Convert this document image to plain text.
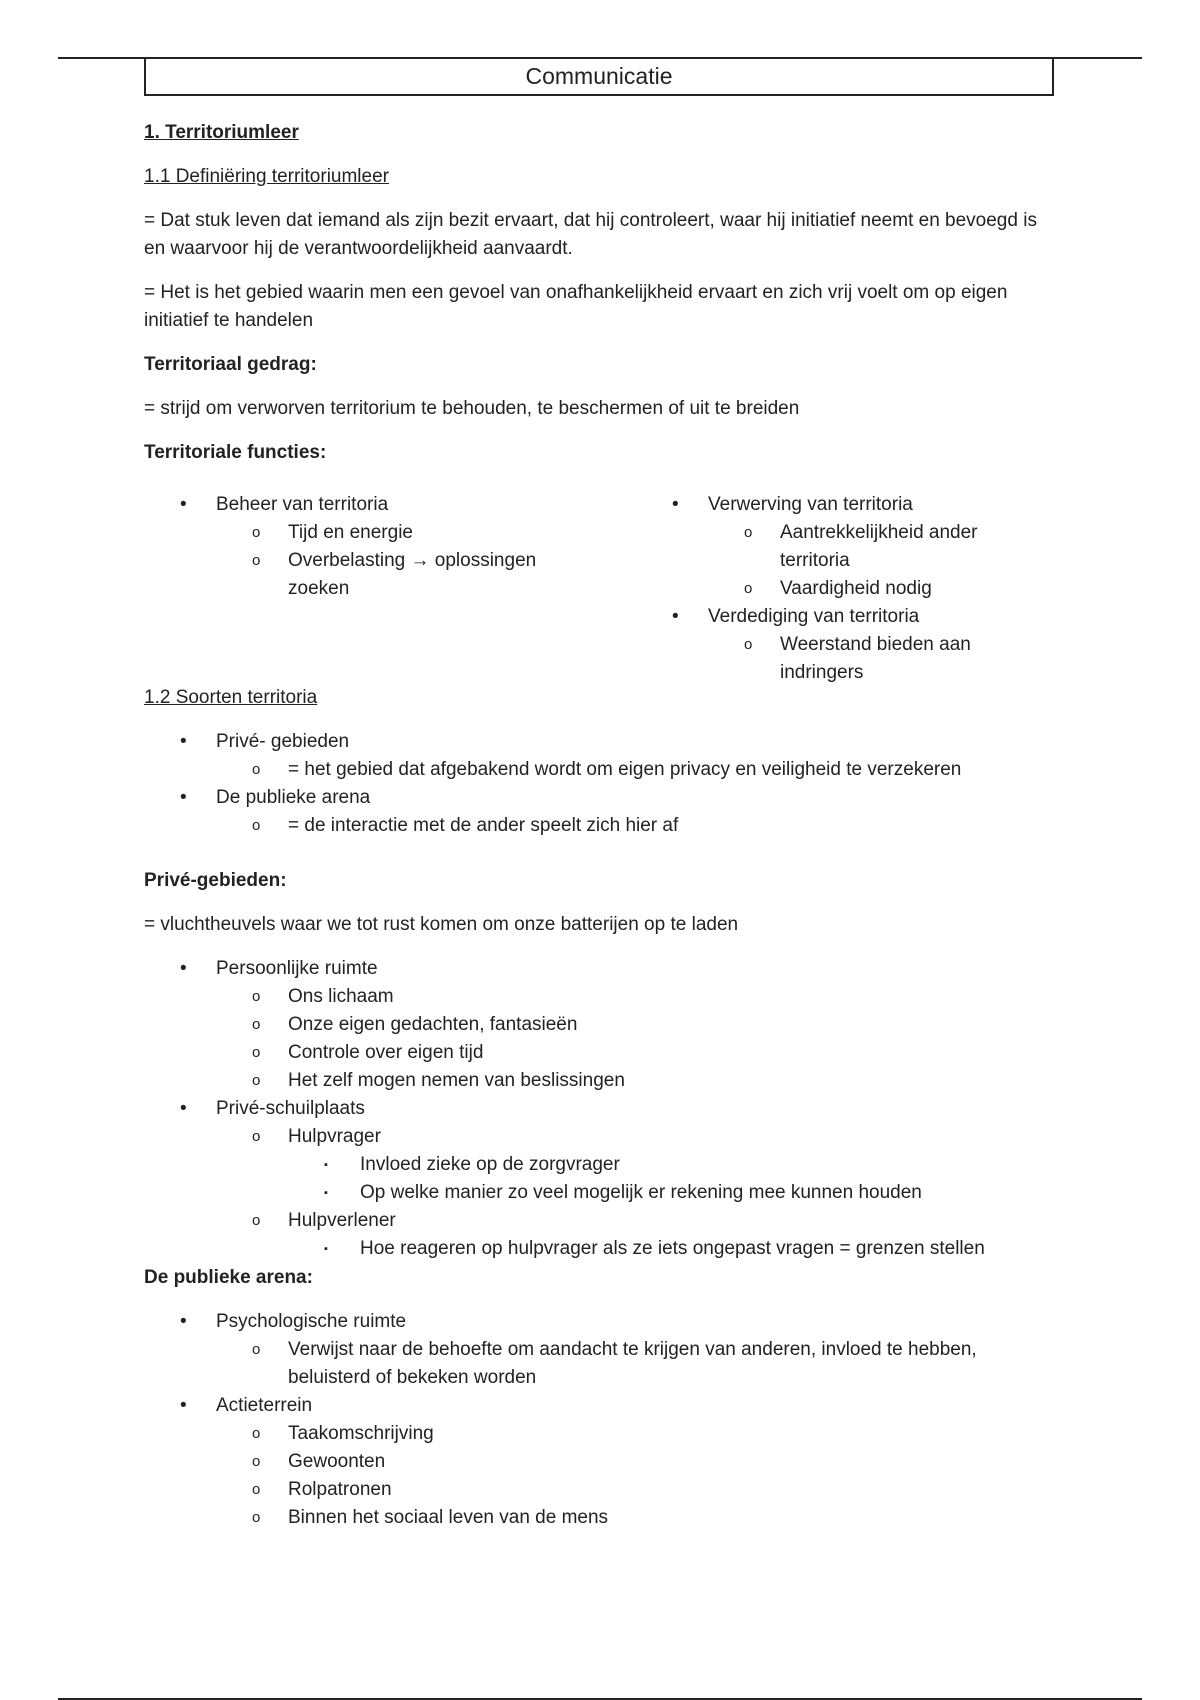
Communicatie

1. Territoriumleer

1.1 Definiëring territoriumleer

= Dat stuk leven dat iemand als zijn bezit ervaart, dat hij controleert, waar hij initiatief neemt en bevoegd is en waarvoor hij de verantwoordelijkheid aanvaardt.

= Het is het gebied waarin men een gevoel van onafhankelijkheid ervaart en zich vrij voelt om op eigen initiatief te handelen

Territoriaal gedrag:

= strijd om verworven territorium te behouden, te beschermen of uit te breiden

Territoriale functies:

• Beheer van territoria
o Tijd en energie
o Overbelasting → oplossingen zoeken
• Verwerving van territoria
o Aantrekkelijkheid ander territoria
o Vaardigheid nodig
• Verdediging van territoria
o Weerstand bieden aan indringers

1.2 Soorten territoria

• Privé- gebieden
o = het gebied dat afgebakend wordt om eigen privacy en veiligheid te verzekeren
• De publieke arena
o = de interactie met de ander speelt zich hier af

Privé-gebieden:

= vluchtheuvels waar we tot rust komen om onze batterijen op te laden

• Persoonlijke ruimte
o Ons lichaam
o Onze eigen gedachten, fantasieën
o Controle over eigen tijd
o Het zelf mogen nemen van beslissingen
• Privé-schuilplaats
o Hulpvrager
▪ Invloed zieke op de zorgvrager
▪ Op welke manier zo veel mogelijk er rekening mee kunnen houden
o Hulpverlener
▪ Hoe reageren op hulpvrager als ze iets ongepast vragen = grenzen stellen

De publieke arena:

• Psychologische ruimte
o Verwijst naar de behoefte om aandacht te krijgen van anderen, invloed te hebben, beluisterd of bekeken worden
• Actieterrein
o Taakomschrijving
o Gewoonten
o Rolpatronen
o Binnen het sociaal leven van de mens
